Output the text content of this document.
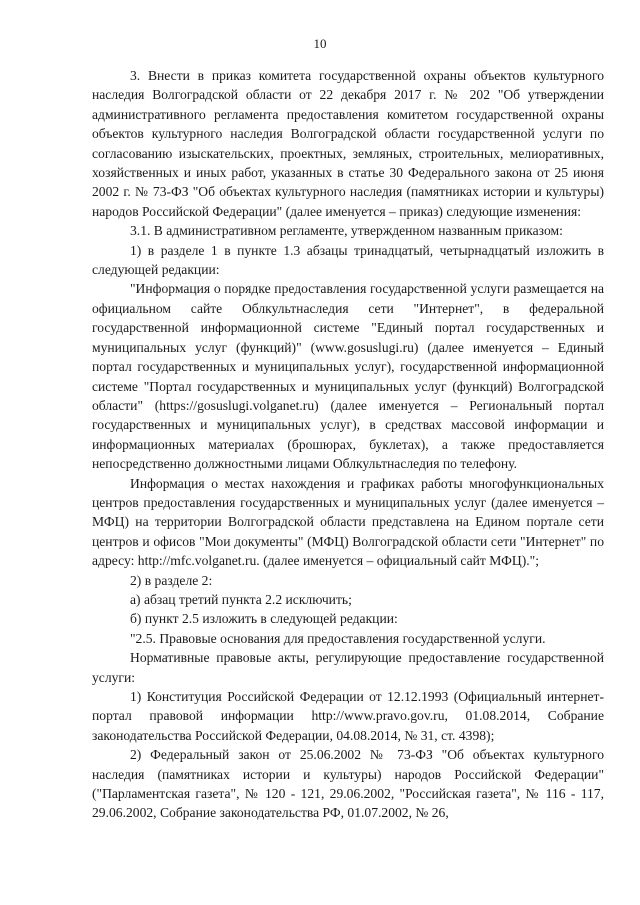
10

3. Внести в приказ комитета государственной охраны объектов культурного наследия Волгоградской области от 22 декабря 2017 г. № 202 "Об утверждении административного регламента предоставления комитетом государственной охраны объектов культурного наследия Волгоградской области государственной услуги по согласованию изыскательских, проектных, земляных, строительных, мелиоративных, хозяйственных и иных работ, указанных в статье 30 Федерального закона от 25 июня 2002 г. № 73-ФЗ "Об объектах культурного наследия (памятниках истории и культуры) народов Российской Федерации" (далее именуется – приказ) следующие изменения:

3.1. В административном регламенте, утвержденном названным приказом:

1) в разделе 1 в пункте 1.3 абзацы тринадцатый, четырнадцатый изложить в следующей редакции:

"Информация о порядке предоставления государственной услуги размещается на официальном сайте Облкультнаследия сети "Интернет", в федеральной государственной информационной системе "Единый портал государственных и муниципальных услуг (функций)" (www.gosuslugi.ru) (далее именуется – Единый портал государственных и муниципальных услуг), государственной информационной системе "Портал государственных и муниципальных услуг (функций) Волгоградской области" (https://gosuslugi.volganet.ru) (далее именуется – Региональный портал государственных и муниципальных услуг), в средствах массовой информации и информационных материалах (брошюрах, буклетах), а также предоставляется непосредственно должностными лицами Облкультнаследия по телефону.

Информация о местах нахождения и графиках работы многофункциональных центров предоставления государственных и муниципальных услуг (далее именуется – МФЦ) на территории Волгоградской области представлена на Едином портале сети центров и офисов "Мои документы" (МФЦ) Волгоградской области сети "Интернет" по адресу: http://mfc.volganet.ru. (далее именуется – официальный сайт МФЦ).";

2) в разделе 2:

а) абзац третий пункта 2.2 исключить;

б) пункт 2.5 изложить в следующей редакции:

"2.5. Правовые основания для предоставления государственной услуги.

Нормативные правовые акты, регулирующие предоставление государственной услуги:

1) Конституция Российской Федерации от 12.12.1993 (Официальный интернет-портал правовой информации http://www.pravo.gov.ru, 01.08.2014, Собрание законодательства Российской Федерации, 04.08.2014, № 31, ст. 4398);

2) Федеральный закон от 25.06.2002 № 73-ФЗ "Об объектах культурного наследия (памятниках истории и культуры) народов Российской Федерации" ("Парламентская газета", № 120 - 121, 29.06.2002, "Российская газета", № 116 - 117, 29.06.2002, Собрание законодательства РФ, 01.07.2002, № 26,
